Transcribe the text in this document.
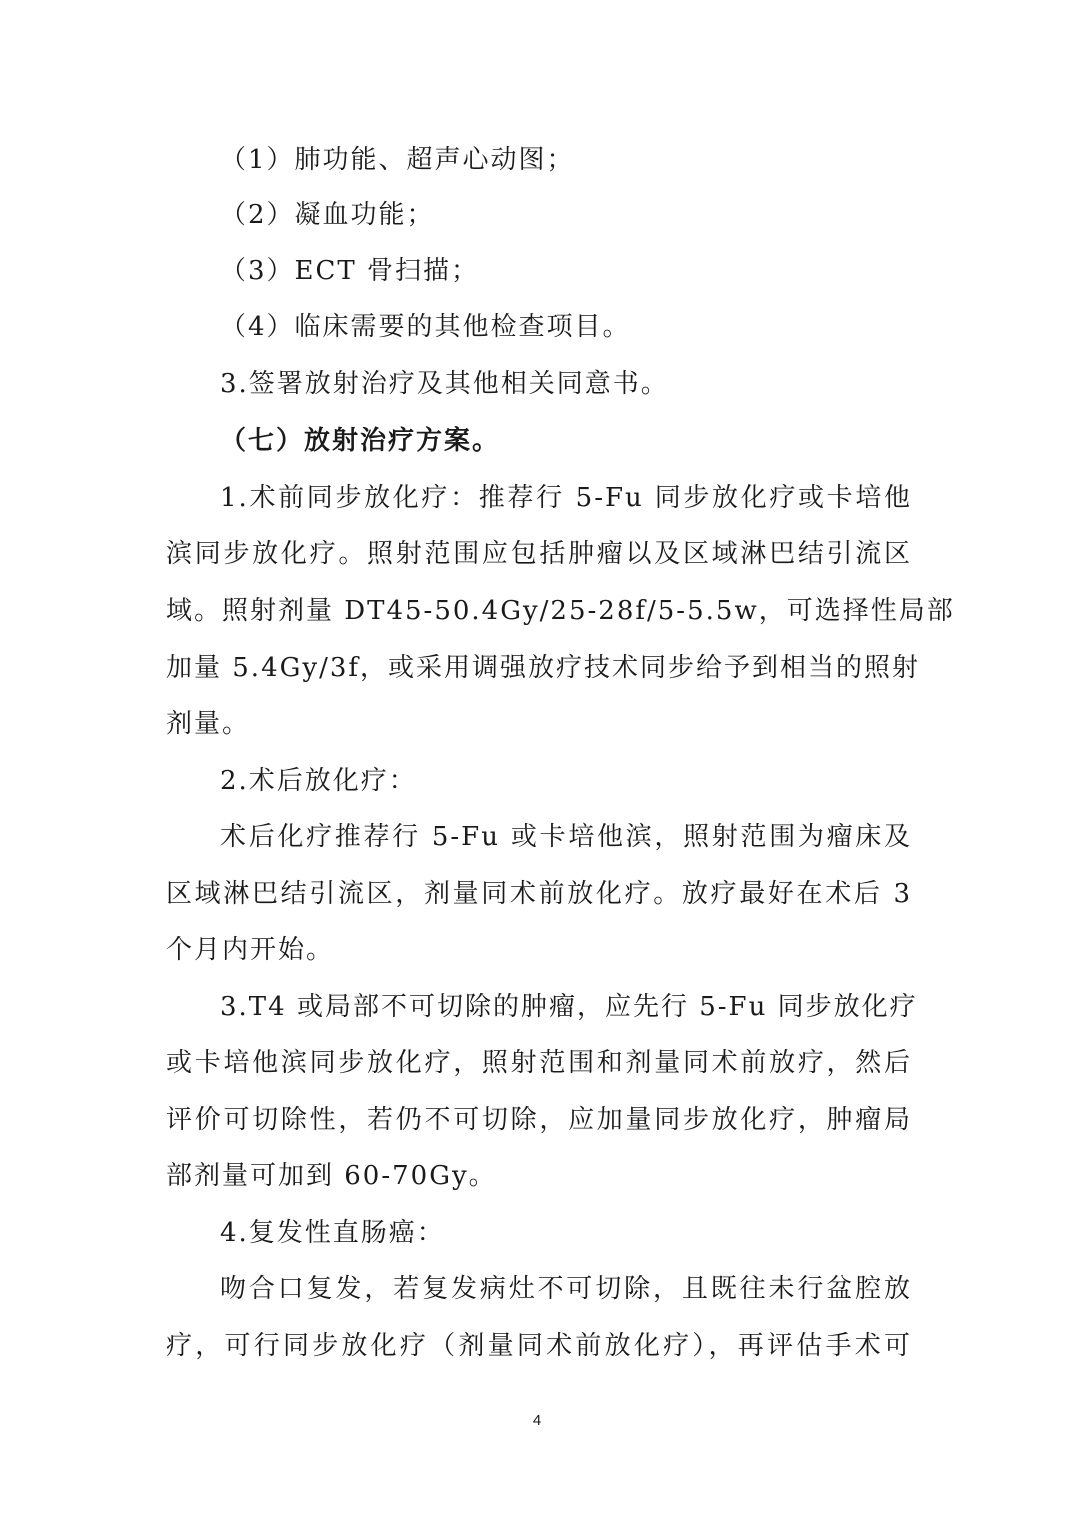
（1）肺功能、超声心动图；
（2）凝血功能；
（3）ECT 骨扫描；
（4）临床需要的其他检查项目。
3.签署放射治疗及其他相关同意书。
（七）放射治疗方案。
1.术前同步放化疗：推荐行 5-Fu 同步放化疗或卡培他
滨同步放化疗。照射范围应包括肿瘤以及区域淋巴结引流区
域。照射剂量 DT45-50.4Gy/25-28f/5-5.5w，可选择性局部
加量 5.4Gy/3f，或采用调强放疗技术同步给予到相当的照射
剂量。
2.术后放化疗：
术后化疗推荐行 5-Fu 或卡培他滨，照射范围为瘤床及
区域淋巴结引流区，剂量同术前放化疗。放疗最好在术后 3
个月内开始。
3.T4 或局部不可切除的肿瘤，应先行 5-Fu 同步放化疗
或卡培他滨同步放化疗，照射范围和剂量同术前放疗，然后
评价可切除性，若仍不可切除，应加量同步放化疗，肿瘤局
部剂量可加到 60-70Gy。
4.复发性直肠癌：
吻合口复发，若复发病灶不可切除，且既往未行盆腔放
疗，可行同步放化疗（剂量同术前放化疗），再评估手术可
4
